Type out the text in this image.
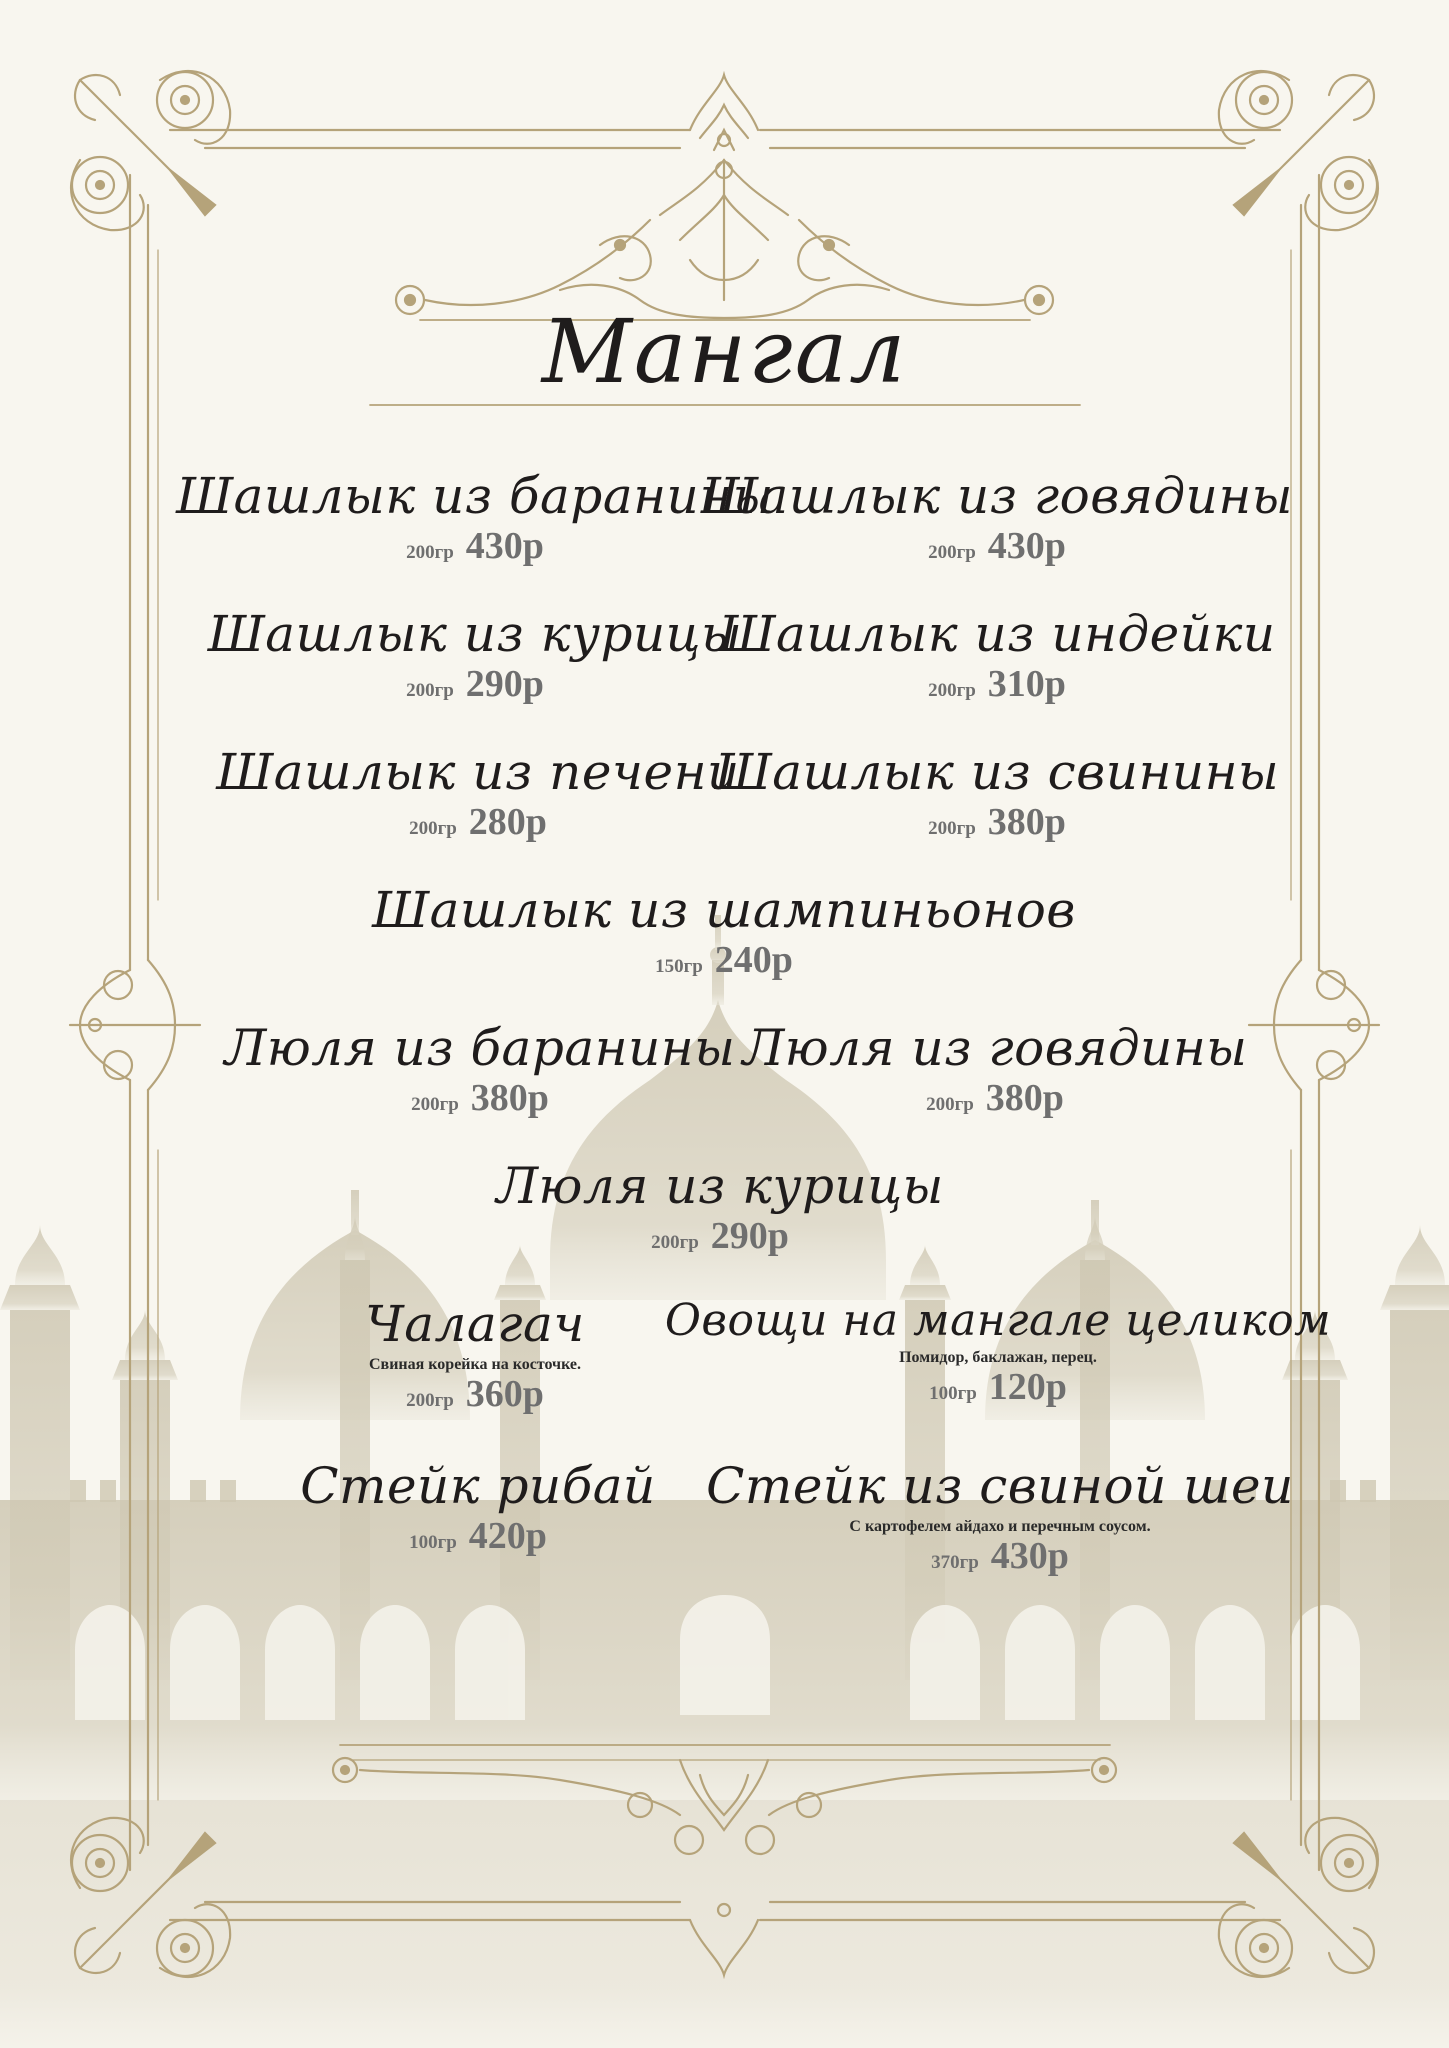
Мангал
Шашлык из баранины
200гр 430р
Шашлык из говядины
200гр 430р
Шашлык из курицы
200гр 290р
Шашлык из индейки
200гр 310р
Шашлык из печени
200гр 280р
Шашлык из свинины
200гр 380р
Шашлык из шампиньонов
150гр 240р
Люля из баранины
200гр 380р
Люля из говядины
200гр 380р
Люля из курицы
200гр 290р
Чалагач
Свиная корейка на косточке.
200гр 360р
Овощи на мангале целиком
Помидор, баклажан, перец.
100гр 120р
Стейк рибай
100гр 420р
Стейк из свиной шеи
С картофелем айдахо и перечным соусом.
370гр 430р
